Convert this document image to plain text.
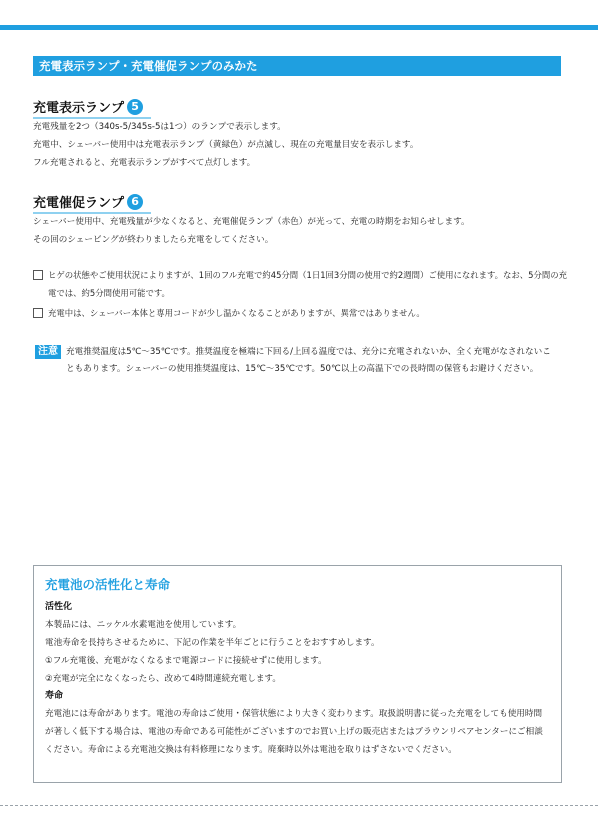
充電表示ランプ・充電催促ランプのみかた
充電表示ランプ 5
充電残量を2つ（340s-5/345s-5は1つ）のランプで表示します。
充電中、シェーバー使用中は充電表示ランプ（黄緑色）が点滅し、現在の充電量目安を表示します。
フル充電されると、充電表示ランプがすべて点灯します。
充電催促ランプ 6
シェーバー使用中、充電残量が少なくなると、充電催促ランプ（赤色）が光って、充電の時期をお知らせします。
その回のシェービングが終わりましたら充電をしてください。
ヒゲの状態やご使用状況によりますが、1回のフル充電で約45分間（1日1回3分間の使用で約2週間）ご使用になれます。なお、5分間の充電では、約5分間使用可能です。
充電中は、シェーバー本体と専用コードが少し温かくなることがありますが、異常ではありません。
注意 充電推奨温度は5℃〜35℃です。推奨温度を極端に下回る/上回る温度では、充分に充電されないか、全く充電がなされないこともあります。シェーバーの使用推奨温度は、15℃〜35℃です。50℃以上の高温下での長時間の保管もお避けください。
充電池の活性化と寿命
活性化
本製品には、ニッケル水素電池を使用しています。
電池寿命を長持ちさせるために、下記の作業を半年ごとに行うことをおすすめします。
①フル充電後、充電がなくなるまで電源コードに接続せずに使用します。
②充電が完全になくなったら、改めて4時間連続充電します。
寿命
充電池には寿命があります。電池の寿命はご使用・保管状態により大きく変わります。取扱説明書に従った充電をしても使用時間が著しく低下する場合は、電池の寿命である可能性がございますのでお買い上げの販売店またはブラウンリペアセンターにご相談ください。寿命による充電池交換は有料修理になります。廃棄時以外は電池を取りはずさないでください。
